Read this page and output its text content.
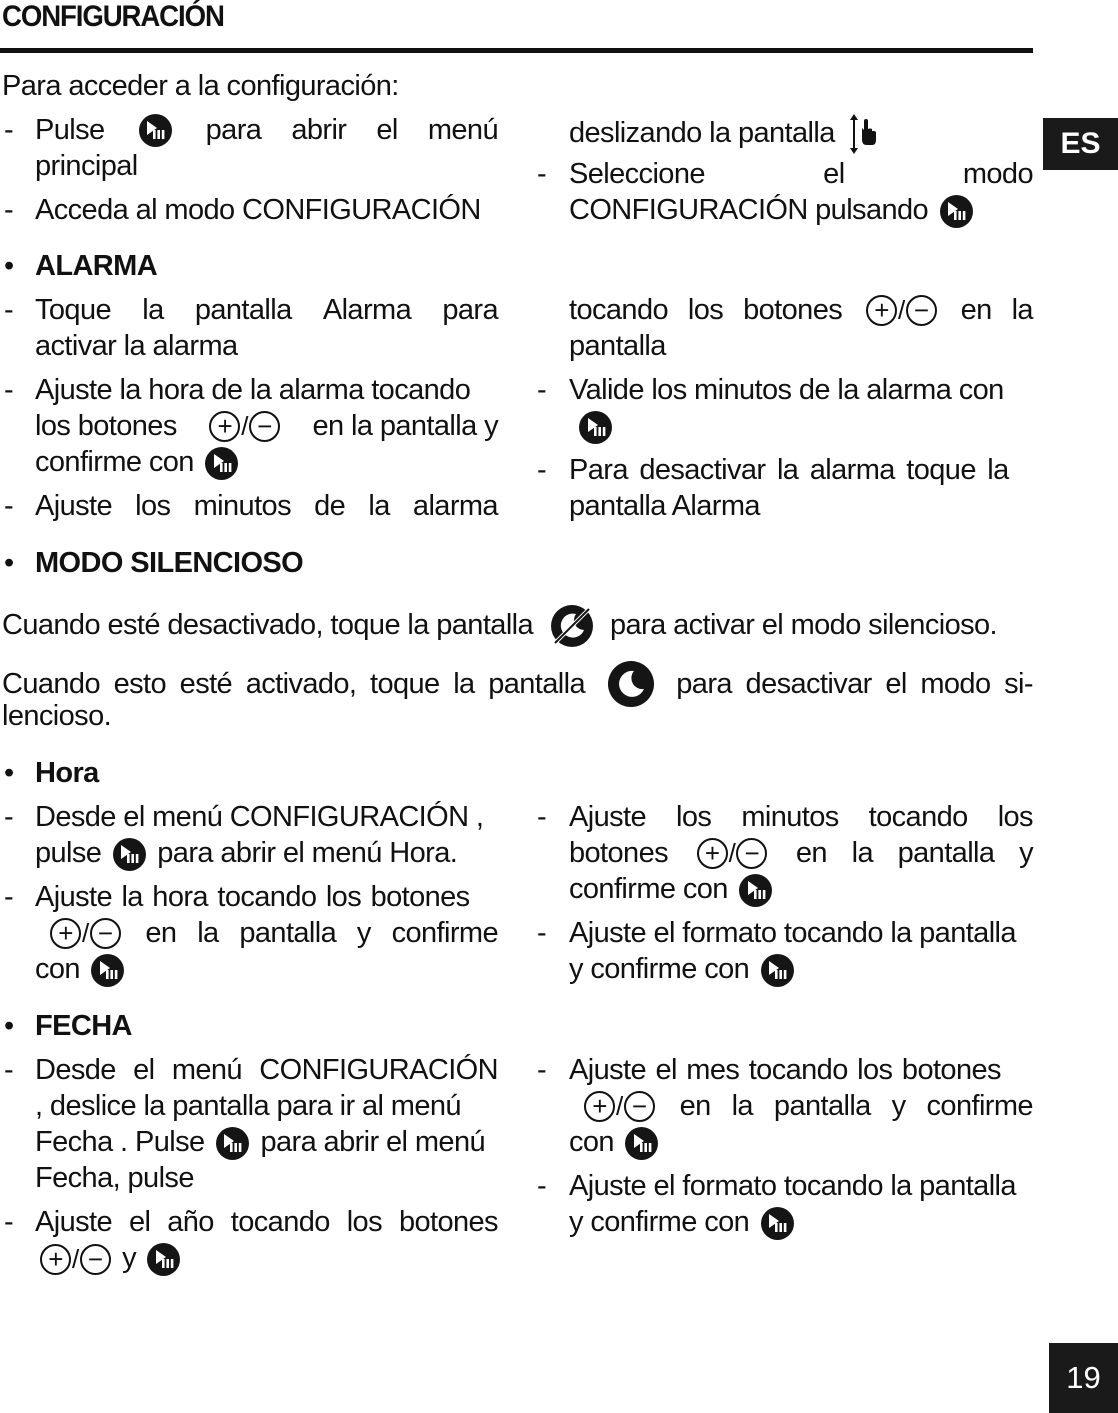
CONFIGURACIÓN
ES
19
Para acceder a la configuración:
- Pulse	para abrir el menú
principal
- Acceda al modo CONFIGURACIÓN
deslizando la pantalla
- Seleccione	el	modo
CONFIGURACIÓN pulsando
• ALARMA
- Toque la pantalla Alarma para
activar la alarma
- Ajuste la hora de la alarma tocando
los botones	+ / − en la pantalla y
confirme con
- Ajuste los minutos de la alarma
tocando los botones	+ / − en la
pantalla
- Valide los minutos de la alarma con
- Para desactivar la alarma toque la
pantalla Alarma
• MODO SILENCIOSO
Cuando esté desactivado, toque la pantalla	para activar el modo silencioso.
Cuando esto esté activado, toque la pantalla	para desactivar el modo si-
lencioso.
• Hora
- Desde el menú CONFIGURACIÓN ,
pulse para abrir el menú Hora.
- Ajuste la hora tocando los botones
+ / − en la pantalla y confirme
con
- Ajuste los minutos tocando los
botones	+ / − en la pantalla y
confirme con
- Ajuste el formato tocando la pantalla
y confirme con
• FECHA
- Desde el menú CONFIGURACIÓN
, deslice la pantalla para ir al menú
Fecha . Pulse para abrir el menú
Fecha, pulse
- Ajuste el año tocando los botones
+ / − y
- Ajuste el mes tocando los botones
+ / − en la pantalla y confirme
con
- Ajuste el formato tocando la pantalla
y confirme con
